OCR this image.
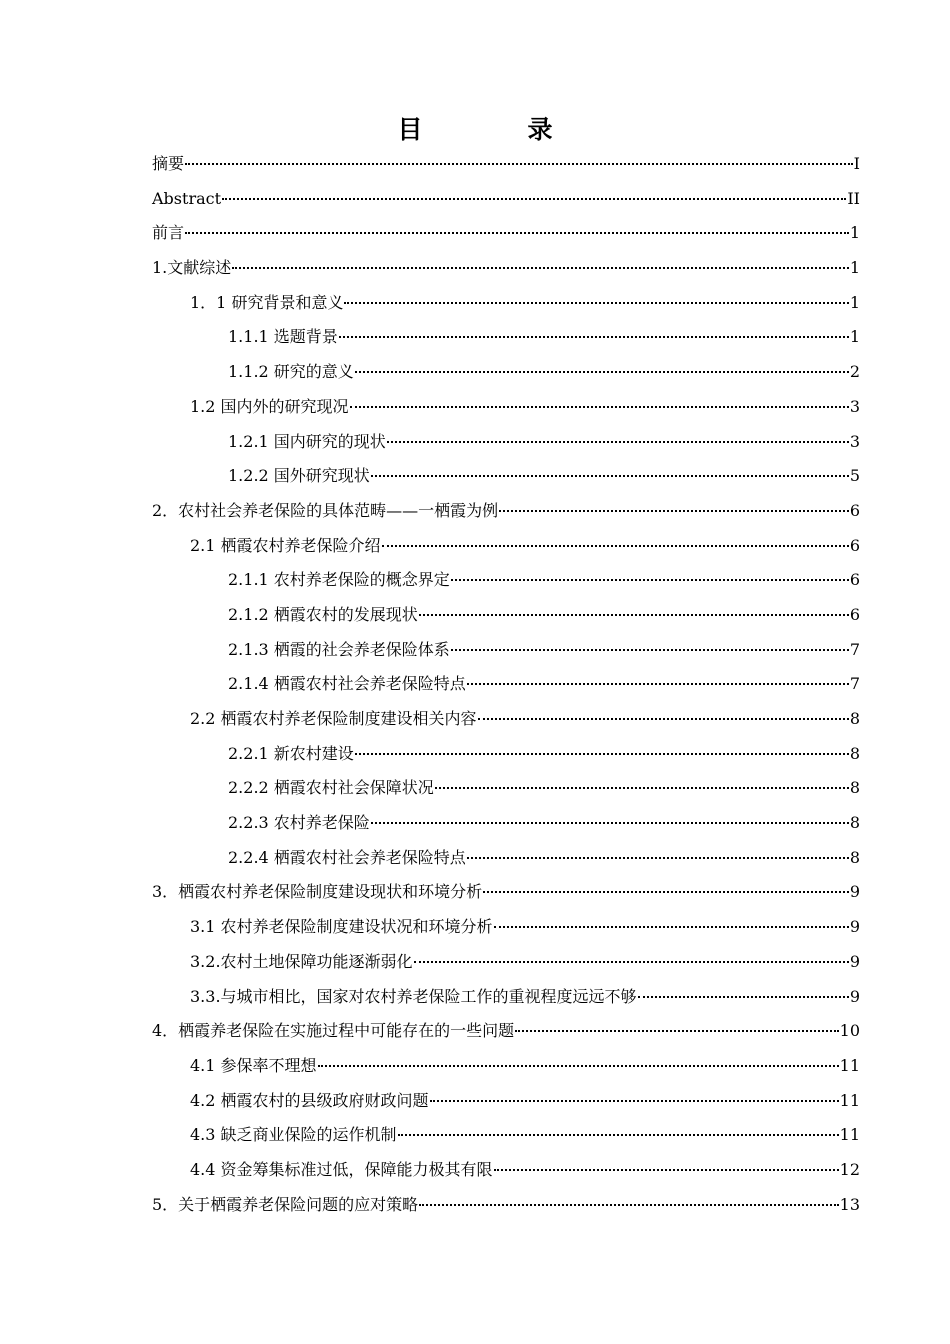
目　录
摘要	I
Abstract	II
前言	1
1.文献综述	1
1．1 研究背景和意义	1
1.1.1 选题背景	1
1.1.2 研究的意义	2
1.2 国内外的研究现况	3
1.2.1 国内研究的现状	3
1.2.2 国外研究现状	5
2．农村社会养老保险的具体范畴——一栖霞为例	6
2.1 栖霞农村养老保险介绍	6
2.1.1 农村养老保险的概念界定	6
2.1.2 栖霞农村的发展现状	6
2.1.3 栖霞的社会养老保险体系	7
2.1.4 栖霞农村社会养老保险特点	7
2.2 栖霞农村养老保险制度建设相关内容	8
2.2.1 新农村建设	8
2.2.2 栖霞农村社会保障状况	8
2.2.3 农村养老保险	8
2.2.4 栖霞农村社会养老保险特点	8
3．栖霞农村养老保险制度建设现状和环境分析	9
3.1 农村养老保险制度建设状况和环境分析	9
3.2.农村土地保障功能逐渐弱化	9
3.3.与城市相比，国家对农村养老保险工作的重视程度远远不够	9
4．栖霞养老保险在实施过程中可能存在的一些问题	10
4.1 参保率不理想	11
4.2 栖霞农村的县级政府财政问题	11
4.3 缺乏商业保险的运作机制	11
4.4 资金筹集标准过低，保障能力极其有限	12
5．关于栖霞养老保险问题的应对策略	13
